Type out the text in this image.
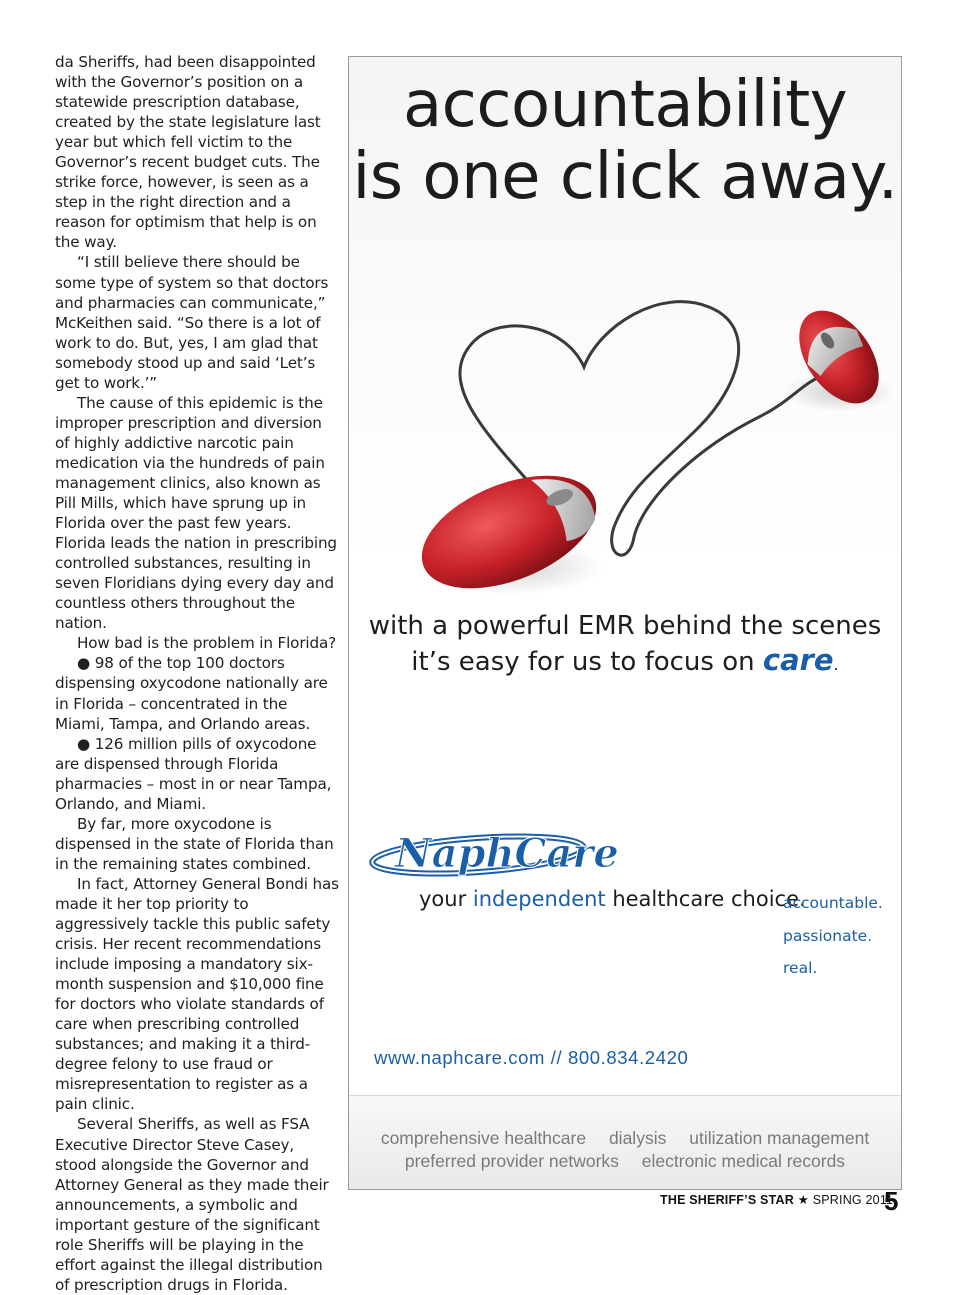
da Sheriffs, had been disappointed with the Governor’s position on a statewide prescription database, created by the state legislature last year but which fell victim to the Governor’s recent budget cuts. The strike force, however, is seen as a step in the right direction and a reason for optimism that help is on the way.

“I still believe there should be some type of system so that doctors and pharmacies can communicate,” McKeithen said. “So there is a lot of work to do. But, yes, I am glad that somebody stood up and said ‘Let’s get to work.’”

The cause of this epidemic is the improper prescription and diversion of highly addictive narcotic pain medication via the hundreds of pain management clinics, also known as Pill Mills, which have sprung up in Florida over the past few years. Florida leads the nation in prescribing controlled substances, resulting in seven Floridians dying every day and countless others throughout the nation.

How bad is the problem in Florida?

● 98 of the top 100 doctors dispensing oxycodone nationally are in Florida – concentrated in the Miami, Tampa, and Orlando areas.

● 126 million pills of oxycodone are dispensed through Florida pharmacies – most in or near Tampa, Orlando, and Miami.

By far, more oxycodone is dispensed in the state of Florida than in the remaining states combined.

In fact, Attorney General Bondi has made it her top priority to aggressively tackle this public safety crisis. Her recent recommendations include imposing a mandatory six-month suspension and $10,000 fine for doctors who violate standards of care when prescribing controlled substances; and making it a third-degree felony to use fraud or misrepresentation to register as a pain clinic.

Several Sheriffs, as well as FSA Executive Director Steve Casey, stood alongside the Governor and Attorney General as they made their announcements, a symbolic and important gesture of the significant role Sheriffs will be playing in the effort against the illegal distribution of prescription drugs in Florida.

accountability
is one click away.
with a powerful EMR behind the scenes
it’s easy for us to focus on care.
NaphCare
your independent healthcare choice.
accountable.
passionate.
real.
www.naphcare.com // 800.834.2420
comprehensive healthcare dialysis utilization management
preferred provider networks electronic medical records
THE SHERIFF’S STAR ★ SPRING 2011
5
